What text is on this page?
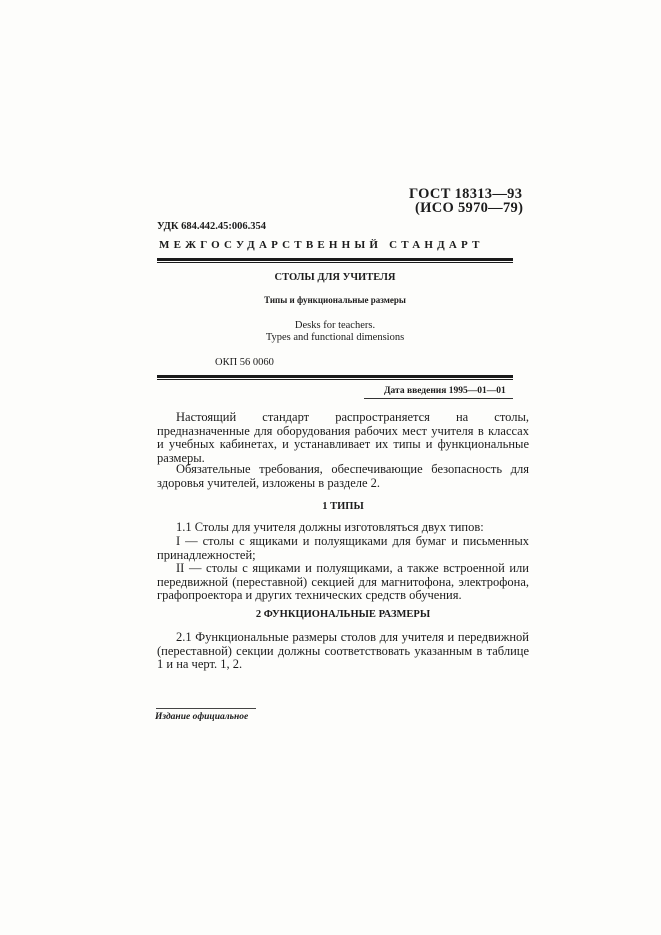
ГОСТ 18313—93
(ИСО 5970—79)
УДК 684.442.45:006.354
МЕЖГОСУДАРСТВЕННЫЙ СТАНДАРТ
СТОЛЫ ДЛЯ УЧИТЕЛЯ
Типы и функциональные размеры
Desks for teachers.
Types and functional dimensions
ОКП 56 0060
Дата введения 1995—01—01
Настоящий стандарт распространяется на столы, предназначенные для оборудования рабочих мест учителя в классах и учебных кабинетах, и устанавливает их типы и функциональные размеры.
Обязательные требования, обеспечивающие безопасность для здоровья учителей, изложены в разделе 2.
1 ТИПЫ
1.1 Столы для учителя должны изготовляться двух типов:
I — столы с ящиками и полуящиками для бумаг и письменных принадлежностей;
II — столы с ящиками и полуящиками, а также встроенной или передвижной (переставной) секцией для магнитофона, электрофона, графопроектора и других технических средств обучения.
2 ФУНКЦИОНАЛЬНЫЕ РАЗМЕРЫ
2.1 Функциональные размеры столов для учителя и передвижной (переставной) секции должны соответствовать указанным в таблице 1 и на черт. 1, 2.
Издание официальное
